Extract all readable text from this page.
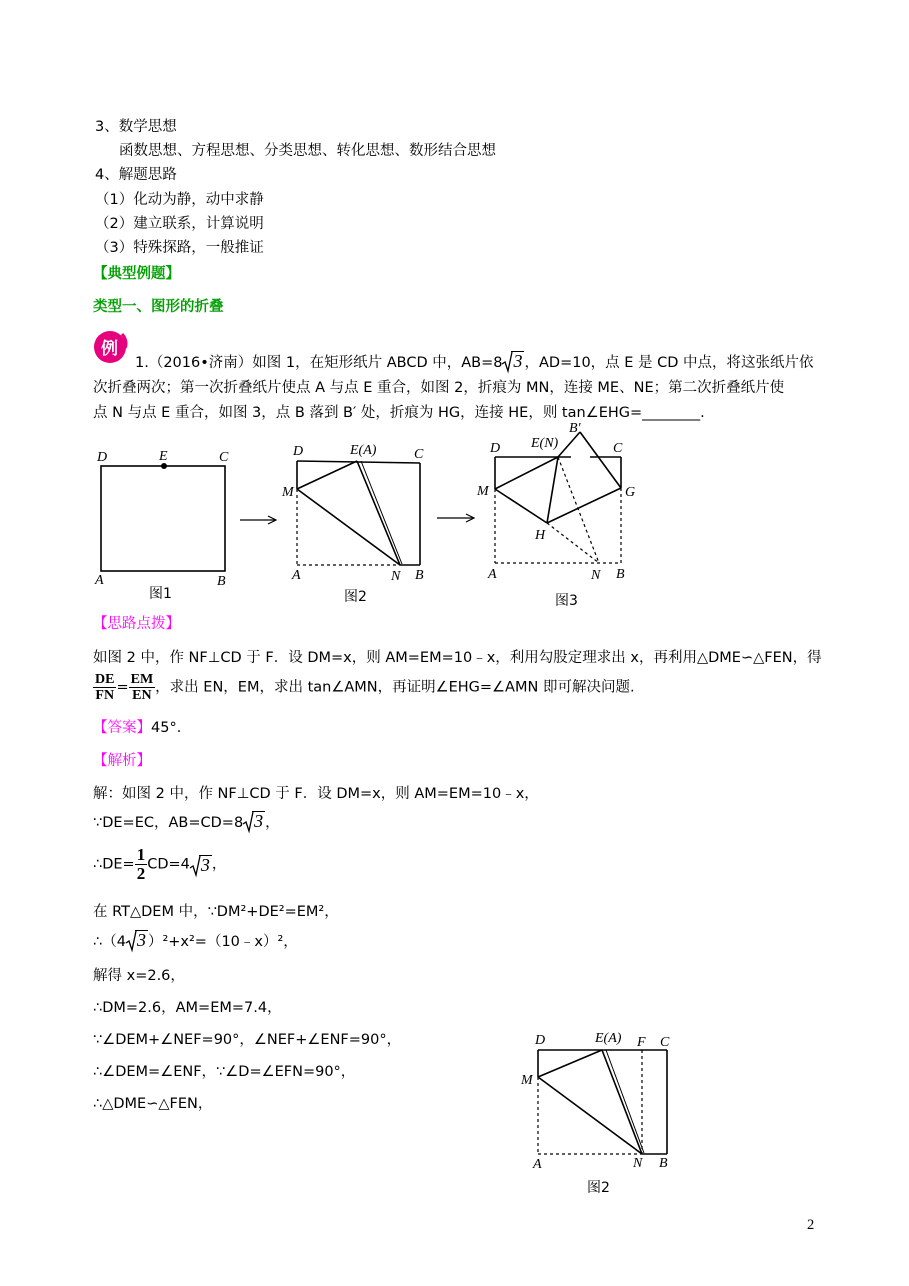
3、数学思想
函数思想、方程思想、分类思想、转化思想、数形结合思想
4、解题思路
（1）化动为静，动中求静
（2）建立联系，计算说明
（3）特殊探路，一般推证
【典型例题】
类型一、图形的折叠
例
1.（2016•济南）如图 1，在矩形纸片 ABCD 中，AB=8 3 ，AD=10，点 E 是 CD 中点，将这张纸片依
次折叠两次；第一次折叠纸片使点 A 与点 E 重合，如图 2，折痕为 MN，连接 ME、NE；第二次折叠纸片使
点 N 与点 E 重合，如图 3，点 B 落到 B′ 处，折痕为 HG，连接 HE，则 tan∠EHG=________.
D	E	C
A	B
图1
D	E(A)	C
M
A	N B
图2
D E(N)
B′
C
M	G
H
A	N B
图3
【思路点拨】
如图 2 中，作 NF⊥CD 于 F．设 DM=x，则 AM=EM=10﹣x，利用勾股定理求出 x，再利用△DME∽△FEN，得
$\frac{DE}{FN} = \frac{EM}{EN}$ ，求出 EN，EM，求出 tan∠AMN，再证明∠EHG=∠AMN 即可解决问题.
【答案】45°．
【解析】
解：如图 2 中，作 NF⊥CD 于 F．设 DM=x，则 AM=EM=10﹣x，
∵DE=EC，AB=CD=8 3 ，
∴DE= $\frac{1}{2} CD=4$ 3 ，
在 RT△DEM 中，∵DM²+DE²=EM²，
∴（4 3 ）²+x²=（10﹣x）²，
解得 x=2.6，
∴DM=2.6，AM=EM=7.4，
∵∠DEM+∠NEF=90°，∠NEF+∠ENF=90°，
∴∠DEM=∠ENF，∵∠D=∠EFN=90°，
∴△DME∽△FEN，
D	E(A) F C
M
A	N B
图2
2
